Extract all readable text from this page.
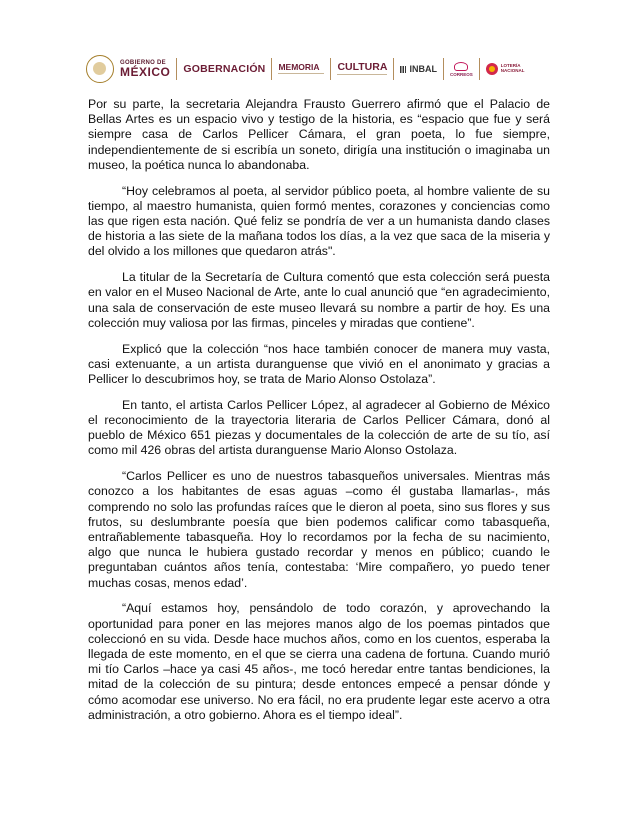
GOBIERNO DE
MÉXICO GOBERNACIÓN MEMORIA	CULTURA INBAL	CORREOS
LOTERÍA
NACIONAL

Por su parte, la secretaria Alejandra Frausto Guerrero afirmó que el Palacio de Bellas Artes es un espacio vivo y testigo de la historia, es “espacio que fue y será siempre casa de Carlos Pellicer Cámara, el gran poeta, lo fue siempre, independientemente de si escribía un soneto, dirigía una institución o imaginaba un museo, la poética nunca lo abandonaba.

“Hoy celebramos al poeta, al servidor público poeta, al hombre valiente de su tiempo, al maestro humanista, quien formó mentes, corazones y conciencias como las que rigen esta nación. Qué feliz se pondría de ver a un humanista dando clases de historia a las siete de la mañana todos los días, a la vez que saca de la miseria y del olvido a los millones que quedaron atrás".

La titular de la Secretaría de Cultura comentó que esta colección será puesta en valor en el Museo Nacional de Arte, ante lo cual anunció que “en agradecimiento, una sala de conservación de este museo llevará su nombre a partir de hoy. Es una colección muy valiosa por las firmas, pinceles y miradas que contiene”.

Explicó que la colección “nos hace también conocer de manera muy vasta, casi extenuante, a un artista duranguense que vivió en el anonimato y gracias a Pellicer lo descubrimos hoy, se trata de Mario Alonso Ostolaza”.

En tanto, el artista Carlos Pellicer López, al agradecer al Gobierno de México el reconocimiento de la trayectoria literaria de Carlos Pellicer Cámara, donó al pueblo de México 651 piezas y documentales de la colección de arte de su tío, así como mil 426 obras del artista duranguense Mario Alonso Ostolaza.

“Carlos Pellicer es uno de nuestros tabasqueños universales. Mientras más conozco a los habitantes de esas aguas –como él gustaba llamarlas-, más comprendo no solo las profundas raíces que le dieron al poeta, sino sus flores y sus frutos, su deslumbrante poesía que bien podemos calificar como tabasqueña, entrañablemente tabasqueña. Hoy lo recordamos por la fecha de su nacimiento, algo que nunca le hubiera gustado recordar y menos en público; cuando le preguntaban cuántos años tenía, contestaba: ‘Mire compañero, yo puedo tener muchas cosas, menos edad’.

“Aquí estamos hoy, pensándolo de todo corazón, y aprovechando la oportunidad para poner en las mejores manos algo de los poemas pintados que coleccionó en su vida. Desde hace muchos años, como en los cuentos, esperaba la llegada de este momento, en el que se cierra una cadena de fortuna. Cuando murió mi tío Carlos –hace ya casi 45 años-, me tocó heredar entre tantas bendiciones, la mitad de la colección de su pintura; desde entonces empecé a pensar dónde y cómo acomodar ese universo. No era fácil, no era prudente legar este acervo a otra administración, a otro gobierno. Ahora es el tiempo ideal”.
